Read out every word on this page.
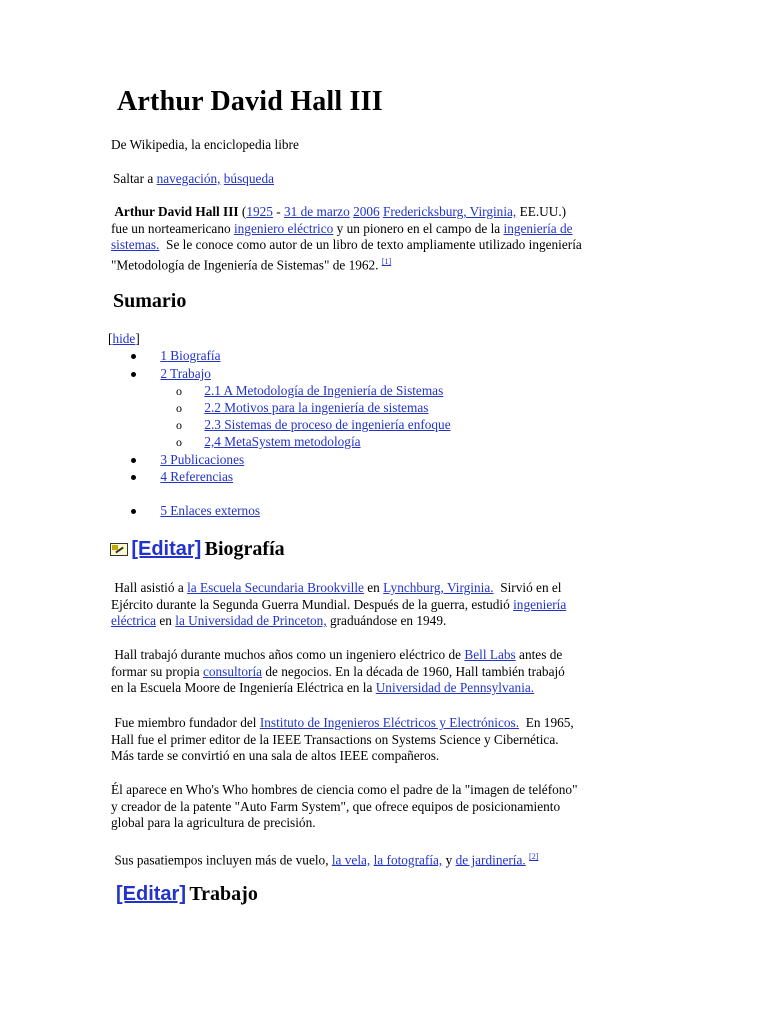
Arthur David Hall III
De Wikipedia, la enciclopedia libre
Saltar a navegación, búsqueda
Arthur David Hall III (1925 - 31 de marzo 2006 Fredericksburg, Virginia, EE.UU.)
fue un norteamericano ingeniero eléctrico y un pionero en el campo de la ingeniería de
sistemas. Se le conoce como autor de un libro de texto ampliamente utilizado ingeniería
"Metodología de Ingeniería de Sistemas" de 1962. [1]
Sumario
[hide]
1 Biografía
2 Trabajo
o 2.1 A Metodología de Ingeniería de Sistemas
o 2.2 Motivos para la ingeniería de sistemas
o 2.3 Sistemas de proceso de ingeniería enfoque
o 2,4 MetaSystem metodología
3 Publicaciones
4 Referencias
5 Enlaces externos
[Editar] Biografía
Hall asistió a la Escuela Secundaria Brookville en Lynchburg, Virginia. Sirvió en el
Ejército durante la Segunda Guerra Mundial. Después de la guerra, estudió ingeniería
eléctrica en la Universidad de Princeton, graduándose en 1949.
Hall trabajó durante muchos años como un ingeniero eléctrico de Bell Labs antes de
formar su propia consultoría de negocios. En la década de 1960, Hall también trabajó
en la Escuela Moore de Ingeniería Eléctrica en la Universidad de Pennsylvania.
Fue miembro fundador del Instituto de Ingenieros Eléctricos y Electrónicos. En 1965,
Hall fue el primer editor de la IEEE Transactions on Systems Science y Cibernética.
Más tarde se convirtió en una sala de altos IEEE compañeros.
Él aparece en Who's Who hombres de ciencia como el padre de la "imagen de teléfono"
y creador de la patente "Auto Farm System", que ofrece equipos de posicionamiento
global para la agricultura de precisión.
Sus pasatiempos incluyen más de vuelo, la vela, la fotografía, y de jardinería. [2]
[Editar] Trabajo
